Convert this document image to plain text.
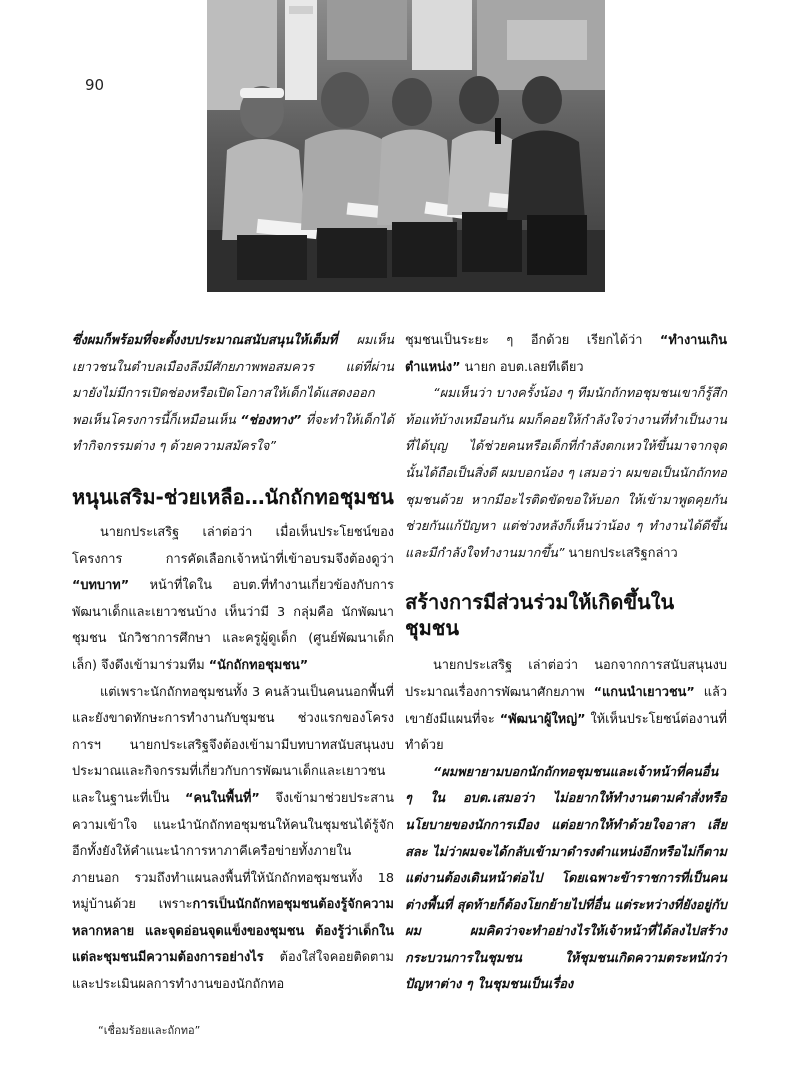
90

ซึ่งผมก็พร้อมที่จะตั้งงบประมาณสนับสนุนให้เต็มที่ ผมเห็นเยาวชนในตำบลเมืองลึงมีศักยภาพพอสมควร แต่ที่ผ่านมายังไม่มีการเปิดช่องหรือเปิดโอกาสให้เด็กได้แสดงออก พอเห็นโครงการนี้ก็เหมือนเห็น “ช่องทาง” ที่จะทำให้เด็กได้ทำกิจกรรมต่าง ๆ ด้วยความสมัครใจ”

หนุนเสริม-ช่วยเหลือ…นักถักทอชุมชน

นายกประเสริฐ เล่าต่อว่า เมื่อเห็นประโยชน์ของโครงการ การคัดเลือกเจ้าหน้าที่เข้าอบรมจึงต้องดูว่า “บทบาท” หน้าที่ใดใน อบต.ที่ทำงานเกี่ยวข้องกับการพัฒนาเด็กและเยาวชนบ้าง เห็นว่ามี 3 กลุ่มคือ นักพัฒนาชุมชน นักวิชาการศึกษา และครูผู้ดูเด็ก (ศูนย์พัฒนาเด็กเล็ก) จึงดึงเข้ามาร่วมทีม “นักถักทอชุมชน”

แต่เพราะนักถักทอชุมชนทั้ง 3 คนล้วนเป็นคนนอกพื้นที่ และยังขาดทักษะการทำงานกับชุมชน ช่วงแรกของโครงการฯ นายกประเสริฐจึงต้องเข้ามามีบทบาทสนับสนุนงบประมาณและกิจกรรมที่เกี่ยวกับการพัฒนาเด็กและเยาวชน และในฐานะที่เป็น “คนในพื้นที่” จึงเข้ามาช่วยประสานความเข้าใจ แนะนำนักถักทอชุมชนให้คนในชุมชนได้รู้จัก อีกทั้งยังให้คำแนะนำการหาภาคีเครือข่ายทั้งภายในภายนอก รวมถึงทำแผนลงพื้นที่ให้นักถักทอชุมชนทั้ง 18 หมู่บ้านด้วย เพราะการเป็นนักถักทอชุมชนต้องรู้จักความหลากหลาย และจุดอ่อนจุดแข็งของชุมชน ต้องรู้ว่าเด็กในแต่ละชุมชนมีความต้องการอย่างไร ต้องใส่ใจคอยติดตามและประเมินผลการทำงานของนักถักทอ

ชุมชนเป็นระยะ ๆ อีกด้วย เรียกได้ว่า “ทำงานเกินตำแหน่ง” นายก อบต.เลยทีเดียว

“ผมเห็นว่า บางครั้งน้อง ๆ ทีมนักถักทอชุมชนเขาก็รู้สึกท้อแท้บ้างเหมือนกัน ผมก็คอยให้กำลังใจว่างานที่ทำเป็นงานที่ได้บุญ ได้ช่วยคนหรือเด็กที่กำลังตกเหวให้ขึ้นมาจากจุดนั้นได้ถือเป็นสิ่งดี ผมบอกน้อง ๆ เสมอว่า ผมขอเป็นนักถักทอชุมชนด้วย หากมีอะไรติดขัดขอให้บอก ให้เข้ามาพูดคุยกัน ช่วยกันแก้ปัญหา แต่ช่วงหลังก็เห็นว่าน้อง ๆ ทำงานได้ดีขึ้น และมีกำลังใจทำงานมากขึ้น” นายกประเสริฐกล่าว

สร้างการมีส่วนร่วมให้เกิดขึ้นในชุมชน

นายกประเสริฐ เล่าต่อว่า นอกจากการสนับสนุนงบประมาณเรื่องการพัฒนาศักยภาพ “แกนนำเยาวชน” แล้ว เขายังมีแผนที่จะ “พัฒนาผู้ใหญ่” ให้เห็นประโยชน์ต่องานที่ทำด้วย

“ผมพยายามบอกนักถักทอชุมชนและเจ้าหน้าที่คนอื่น ๆ ใน อบต.เสมอว่า ไม่อยากให้ทำงานตามคำสั่งหรือนโยบายของนักการเมือง แต่อยากให้ทำด้วยใจอาสา เสียสละ ไม่ว่าผมจะได้กลับเข้ามาดำรงตำแหน่งอีกหรือไม่ก็ตาม แต่งานต้องเดินหน้าต่อไป โดยเฉพาะข้าราชการที่เป็นคนต่างพื้นที่ สุดท้ายก็ต้องโยกย้ายไปที่อื่น แต่ระหว่างที่ยังอยู่กับผม ผมคิดว่าจะทำอย่างไรให้เจ้าหน้าที่ได้ลงไปสร้างกระบวนการในชุมชน ให้ชุมชนเกิดความตระหนักว่า ปัญหาต่าง ๆ ในชุมชนเป็นเรื่อง

“เชื่อมร้อยและถักทอ”
